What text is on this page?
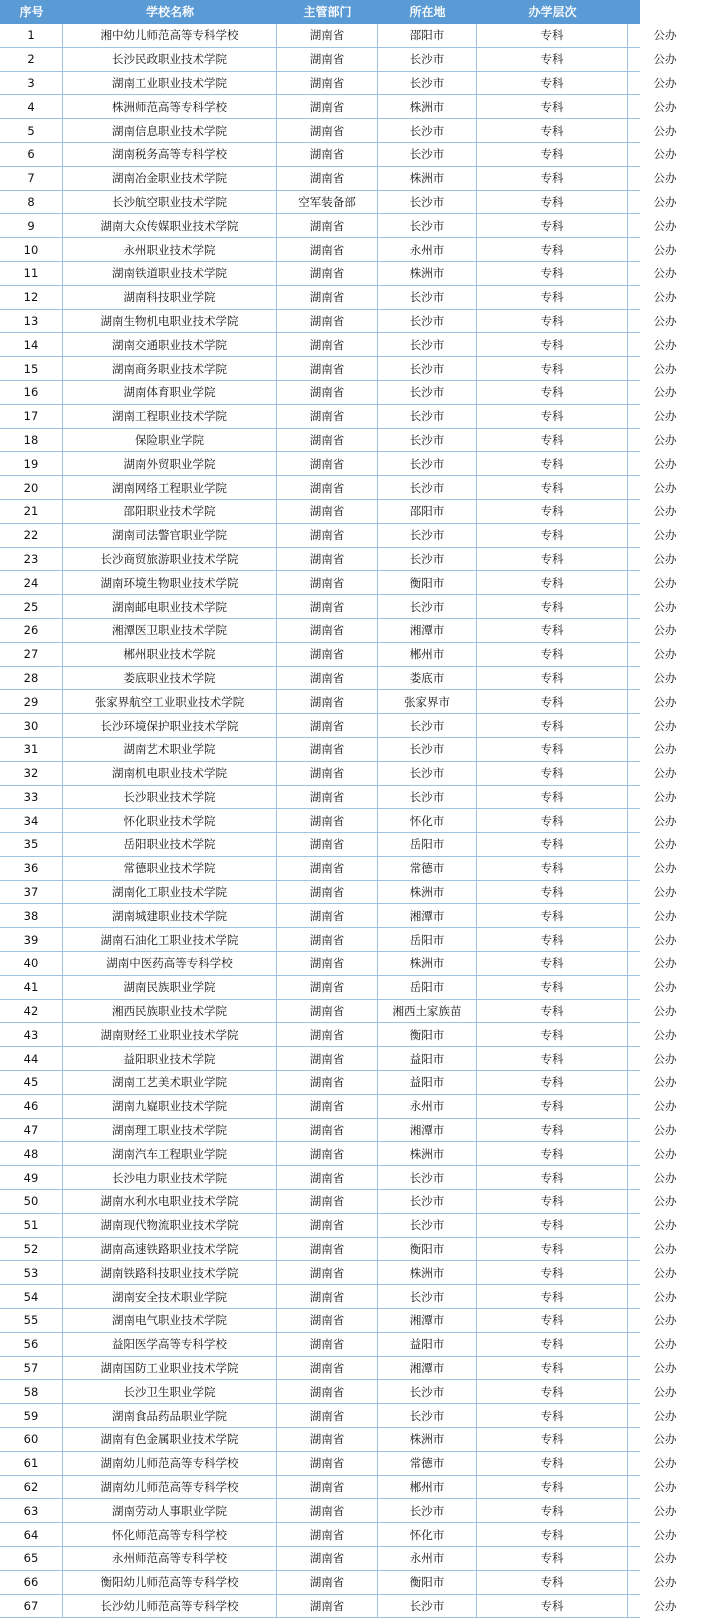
序号	学校名称	主管部门	所在地	办学层次	院校性质
1	湘中幼儿师范高等专科学校	湖南省	邵阳市	专科	公办
2	长沙民政职业技术学院	湖南省	长沙市	专科	公办
3	湖南工业职业技术学院	湖南省	长沙市	专科	公办
4	株洲师范高等专科学校	湖南省	株洲市	专科	公办
5	湖南信息职业技术学院	湖南省	长沙市	专科	公办
6	湖南税务高等专科学校	湖南省	长沙市	专科	公办
7	湖南冶金职业技术学院	湖南省	株洲市	专科	公办
8	长沙航空职业技术学院	空军装备部	长沙市	专科	公办
9	湖南大众传媒职业技术学院	湖南省	长沙市	专科	公办
10	永州职业技术学院	湖南省	永州市	专科	公办
11	湖南铁道职业技术学院	湖南省	株洲市	专科	公办
12	湖南科技职业学院	湖南省	长沙市	专科	公办
13	湖南生物机电职业技术学院	湖南省	长沙市	专科	公办
14	湖南交通职业技术学院	湖南省	长沙市	专科	公办
15	湖南商务职业技术学院	湖南省	长沙市	专科	公办
16	湖南体育职业学院	湖南省	长沙市	专科	公办
17	湖南工程职业技术学院	湖南省	长沙市	专科	公办
18	保险职业学院	湖南省	长沙市	专科	公办
19	湖南外贸职业学院	湖南省	长沙市	专科	公办
20	湖南网络工程职业学院	湖南省	长沙市	专科	公办
21	邵阳职业技术学院	湖南省	邵阳市	专科	公办
22	湖南司法警官职业学院	湖南省	长沙市	专科	公办
23	长沙商贸旅游职业技术学院	湖南省	长沙市	专科	公办
24	湖南环境生物职业技术学院	湖南省	衡阳市	专科	公办
25	湖南邮电职业技术学院	湖南省	长沙市	专科	公办
26	湘潭医卫职业技术学院	湖南省	湘潭市	专科	公办
27	郴州职业技术学院	湖南省	郴州市	专科	公办
28	娄底职业技术学院	湖南省	娄底市	专科	公办
29	张家界航空工业职业技术学院	湖南省	张家界市	专科	公办
30	长沙环境保护职业技术学院	湖南省	长沙市	专科	公办
31	湖南艺术职业学院	湖南省	长沙市	专科	公办
32	湖南机电职业技术学院	湖南省	长沙市	专科	公办
33	长沙职业技术学院	湖南省	长沙市	专科	公办
34	怀化职业技术学院	湖南省	怀化市	专科	公办
35	岳阳职业技术学院	湖南省	岳阳市	专科	公办
36	常德职业技术学院	湖南省	常德市	专科	公办
37	湖南化工职业技术学院	湖南省	株洲市	专科	公办
38	湖南城建职业技术学院	湖南省	湘潭市	专科	公办
39	湖南石油化工职业技术学院	湖南省	岳阳市	专科	公办
40	湖南中医药高等专科学校	湖南省	株洲市	专科	公办
41	湖南民族职业学院	湖南省	岳阳市	专科	公办
42	湘西民族职业技术学院	湖南省	湘西土家族苗	专科	公办
43	湖南财经工业职业技术学院	湖南省	衡阳市	专科	公办
44	益阳职业技术学院	湖南省	益阳市	专科	公办
45	湖南工艺美术职业学院	湖南省	益阳市	专科	公办
46	湖南九嶷职业技术学院	湖南省	永州市	专科	公办
47	湖南理工职业技术学院	湖南省	湘潭市	专科	公办
48	湖南汽车工程职业学院	湖南省	株洲市	专科	公办
49	长沙电力职业技术学院	湖南省	长沙市	专科	公办
50	湖南水利水电职业技术学院	湖南省	长沙市	专科	公办
51	湖南现代物流职业技术学院	湖南省	长沙市	专科	公办
52	湖南高速铁路职业技术学院	湖南省	衡阳市	专科	公办
53	湖南铁路科技职业技术学院	湖南省	株洲市	专科	公办
54	湖南安全技术职业学院	湖南省	长沙市	专科	公办
55	湖南电气职业技术学院	湖南省	湘潭市	专科	公办
56	益阳医学高等专科学校	湖南省	益阳市	专科	公办
57	湖南国防工业职业技术学院	湖南省	湘潭市	专科	公办
58	长沙卫生职业学院	湖南省	长沙市	专科	公办
59	湖南食品药品职业学院	湖南省	长沙市	专科	公办
60	湖南有色金属职业技术学院	湖南省	株洲市	专科	公办
61	湖南幼儿师范高等专科学校	湖南省	常德市	专科	公办
62	湖南幼儿师范高等专科学校	湖南省	郴州市	专科	公办
63	湖南劳动人事职业学院	湖南省	长沙市	专科	公办
64	怀化师范高等专科学校	湖南省	怀化市	专科	公办
65	永州师范高等专科学校	湖南省	永州市	专科	公办
66	衡阳幼儿师范高等专科学校	湖南省	衡阳市	专科	公办
67	长沙幼儿师范高等专科学校	湖南省	长沙市	专科	公办
